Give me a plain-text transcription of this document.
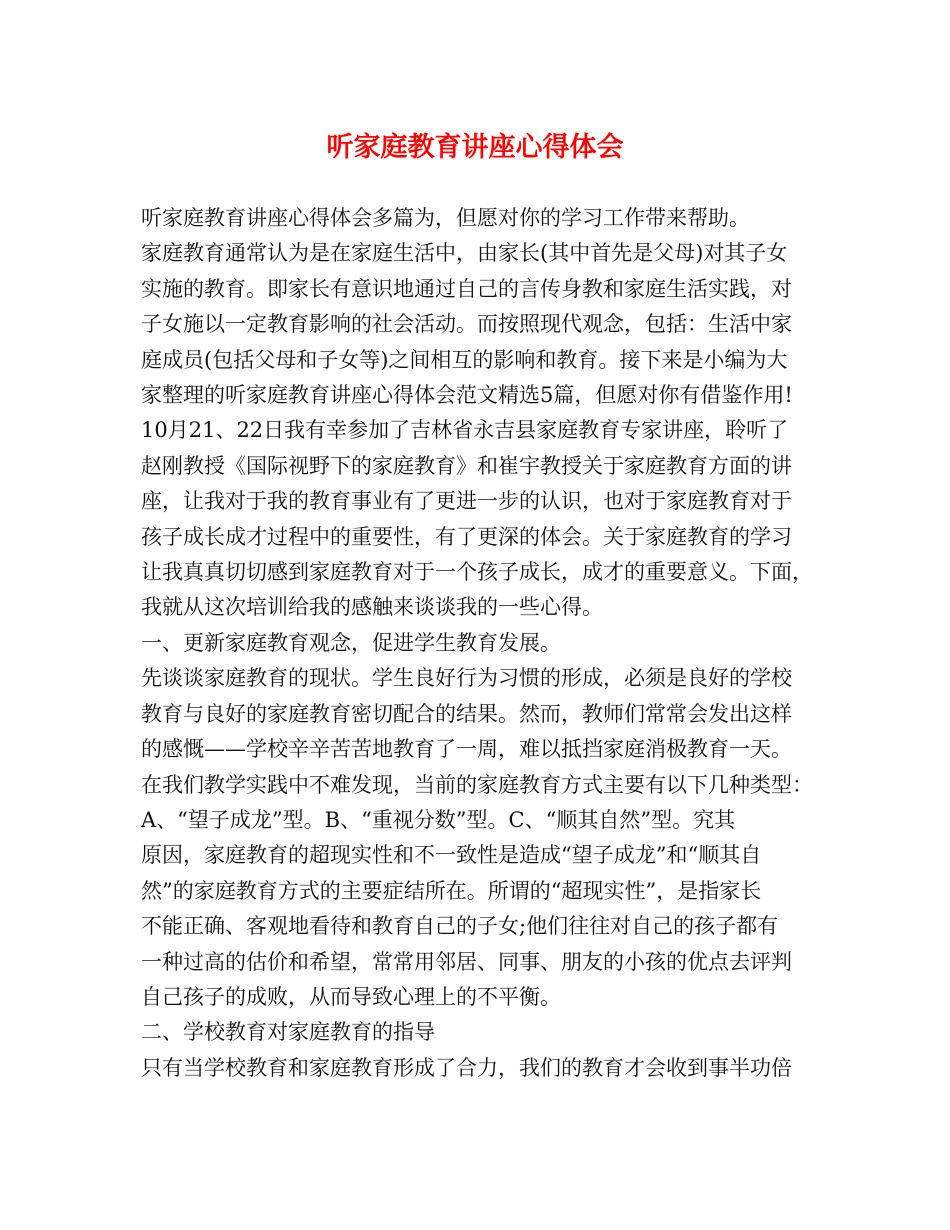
听家庭教育讲座心得体会
听家庭教育讲座心得体会多篇为，但愿对你的学习工作带来帮助。
家庭教育通常认为是在家庭生活中，由家长(其中首先是父母)对其子女
实施的教育。即家长有意识地通过自己的言传身教和家庭生活实践，对
子女施以一定教育影响的社会活动。而按照现代观念，包括：生活中家
庭成员(包括父母和子女等)之间相互的影响和教育。接下来是小编为大
家整理的听家庭教育讲座心得体会范文精选5篇，但愿对你有借鉴作用!
10月21、22日我有幸参加了吉林省永吉县家庭教育专家讲座，聆听了
赵刚教授《国际视野下的家庭教育》和崔宇教授关于家庭教育方面的讲
座，让我对于我的教育事业有了更进一步的认识，也对于家庭教育对于
孩子成长成才过程中的重要性，有了更深的体会。关于家庭教育的学习
让我真真切切感到家庭教育对于一个孩子成长，成才的重要意义。下面，
我就从这次培训给我的感触来谈谈我的一些心得。
一、更新家庭教育观念，促进学生教育发展。
先谈谈家庭教育的现状。学生良好行为习惯的形成，必须是良好的学校
教育与良好的家庭教育密切配合的结果。然而，教师们常常会发出这样
的感慨——学校辛辛苦苦地教育了一周，难以抵挡家庭消极教育一天。
在我们教学实践中不难发现，当前的家庭教育方式主要有以下几种类型：
A、“望子成龙”型。B、“重视分数”型。C、“顺其自然”型。究其
原因，家庭教育的超现实性和不一致性是造成“望子成龙”和“顺其自
然”的家庭教育方式的主要症结所在。所谓的“超现实性”，是指家长
不能正确、客观地看待和教育自己的子女;他们往往对自己的孩子都有
一种过高的估价和希望，常常用邻居、同事、朋友的小孩的优点去评判
自己孩子的成败，从而导致心理上的不平衡。
二、学校教育对家庭教育的指导
只有当学校教育和家庭教育形成了合力，我们的教育才会收到事半功倍
